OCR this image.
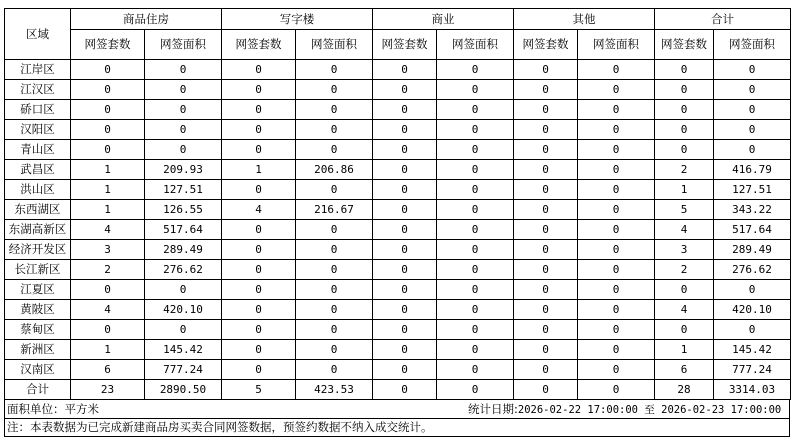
区域	商品住房		写字楼		商业		其他		合计	
	网签套数	网签面积	网签套数	网签面积	网签套数	网签面积	网签套数	网签面积	网签套数	网签面积
江岸区	0	0	0	0	0	0	0	0	0	0
江汉区	0	0	0	0	0	0	0	0	0	0
硚口区	0	0	0	0	0	0	0	0	0	0
汉阳区	0	0	0	0	0	0	0	0	0	0
青山区	0	0	0	0	0	0	0	0	0	0
武昌区	1	209.93	1	206.86	0	0	0	0	2	416.79
洪山区	1	127.51	0	0	0	0	0	0	1	127.51
东西湖区	1	126.55	4	216.67	0	0	0	0	5	343.22
东湖高新区	4	517.64	0	0	0	0	0	0	4	517.64
经济开发区	3	289.49	0	0	0	0	0	0	3	289.49
长江新区	2	276.62	0	0	0	0	0	0	2	276.62
江夏区	0	0	0	0	0	0	0	0	0	0
黄陂区	4	420.10	0	0	0	0	0	0	4	420.10
蔡甸区	0	0	0	0	0	0	0	0	0	0
新洲区	1	145.42	0	0	0	0	0	0	1	145.42
汉南区	6	777.24	0	0	0	0	0	0	6	777.24
合计	23	2890.50	5	423.53	0	0	0	0	28	3314.03
面积单位：平方米	统计日期:2026-02-22 17:00:00 至 2026-02-23 17:00:00
注：本表数据为已完成新建商品房买卖合同网签数据，预签约数据不纳入成交统计。
